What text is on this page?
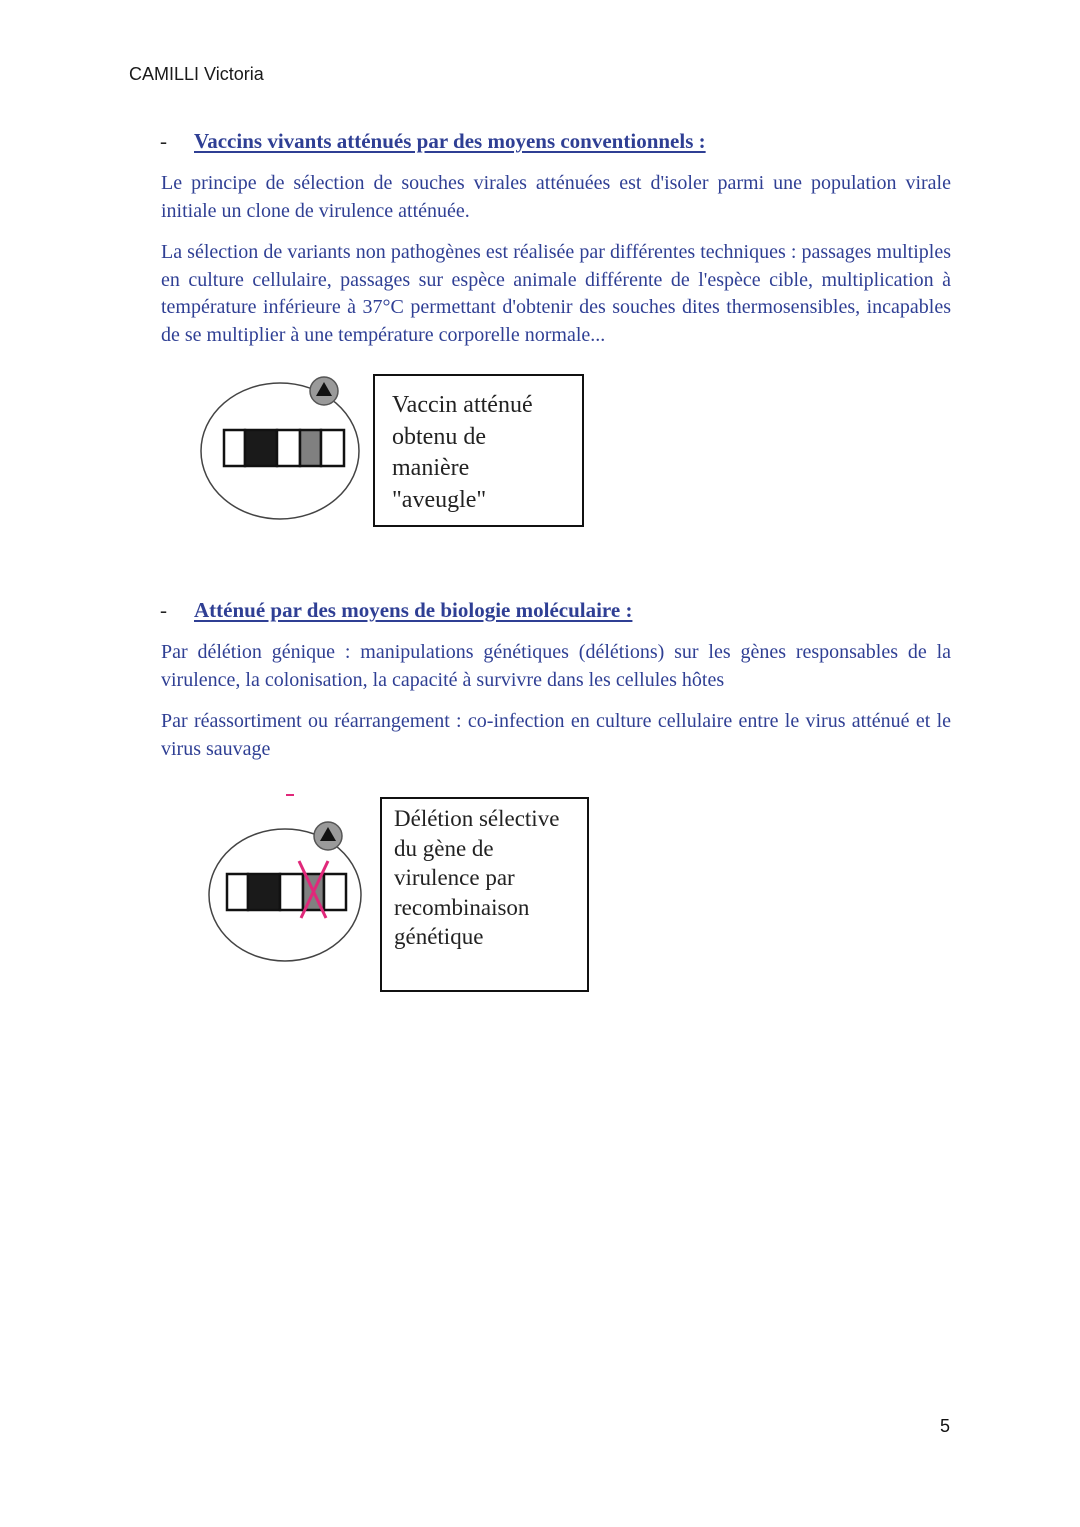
CAMILLI Victoria
- Vaccins vivants atténués par des moyens conventionnels :

Le principe de sélection de souches virales atténuées est d'isoler parmi une population virale initiale un clone de virulence atténuée.

La sélection de variants non pathogènes est réalisée par différentes techniques : passages multiples en culture cellulaire, passages sur espèce animale différente de l'espèce cible, multiplication à température inférieure à 37°C permettant d'obtenir des souches dites thermosensibles, incapables de se multiplier à une température corporelle normale...

Vaccin atténué
obtenu de
manière
"aveugle"
- Atténué par des moyens de biologie moléculaire :

Par délétion génique : manipulations génétiques (délétions) sur les gènes responsables de la virulence, la colonisation, la capacité à survivre dans les cellules hôtes

Par réassortiment ou réarrangement : co-infection en culture cellulaire entre le virus atténué et le virus sauvage

Délétion sélective
du gène de
virulence par
recombinaison
génétique
5
